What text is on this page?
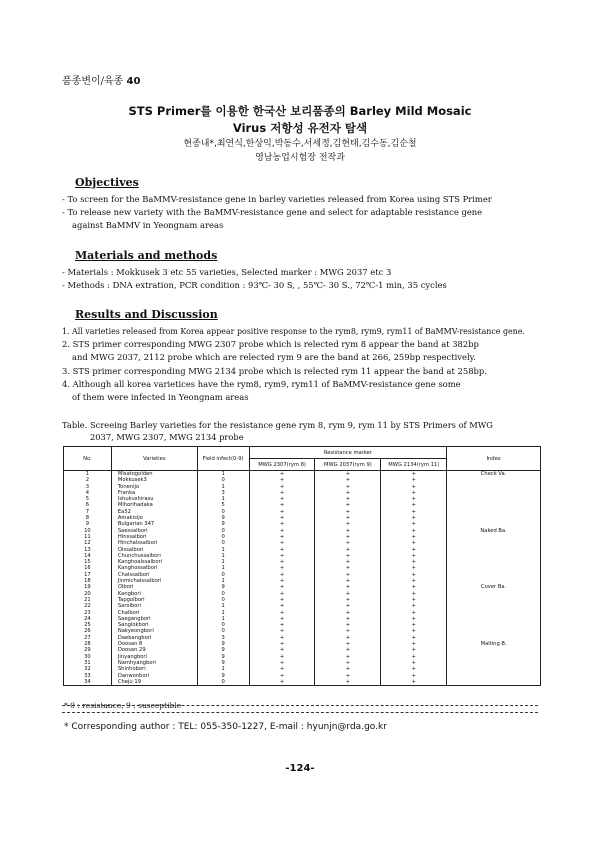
품종변이/육종 40
STS Primer를 이용한 한국산 보리품종의 Barley Mild Mosaic
Virus 저항성 유전자 탐색
현종내*,최연식,한상익,박동수,서세정,김현태,김수동,김순철
영남농업시험장 전작과
Objectives
- To screen for the BaMMV-resistance gene in barley varieties released from Korea using STS Primer
- To release new variety with the BaMMV-resistance gene and select for adaptable resistance gene
against BaMMV in Yeongnam areas
Materials and methods
- Materials : Mokkusek 3 etc 55 varieties, Selected marker : MWG 2037 etc 3
- Methods : DNA extration, PCR condition : 93℃- 30 S, , 55℃- 30 S., 72℃-1 min, 35 cycles
Results and Discussion
1. All varieties released from Korea appear positive response to the rym8, rym9, rym11 of BaMMV-resistance gene.
2. STS primer corresponding MWG 2307 probe which is relected rym 8 appear the band at 382bp
and MWG 2037, 2112 probe which are relected rym 9 are the band at 266, 259bp respectively.
3. STS primer corresponding MWG 2134 probe which is relected rym 11 appear the band at 258bp.
4. Although all korea varietices have the rym8, rym9, rym11 of BaMMV-resistance gene some
of them were infected in Yeongnam areas
Table. Screeing Barley varieties for the resistance gene rym 8, rym 9, rym 11 by STS Primers of MWG
2037, MWG 2307, MWG 2134 probe
No.	Varieties	Field infect(0-9)	Resistance marker			Index
			MWG 2307(rym 8)	MWG 2037(rym 9)	MWG 2134(rym 11)	
1	Misatogolden	1	+	+	+	Check Va.
2	Mokkusek3	0	+	+	+	
3	Tonenijo	1	+	+	+	
4	Franka	3	+	+	+	
5	Ishukushirasu	1	+	+	+	
6	Mihorihadaka	5	+	+	+	
7	Ea52	0	+	+	+	
8	Amakisijo	9	+	+	+	
9	Bulgarian 347	9	+	+	+	
10	Saessalbori	0	+	+	+	Naked Ba.
11	Hinssalbori	0	+	+	+	
12	Hinchalssalbori	0	+	+	+	
13	Olssalbori	1	+	+	+	
14	Chunchussalbori	1	+	+	+	
15	Kanghoalssalbori	1	+	+	+	
16	Kanghossalbori	1	+	+	+	
17	Chalssalbori	0	+	+	+	
18	Jinmichalssalbori	1	+	+	+	
19	Olbori	9	+	+	+	Cover Ba.
20	Kangbori	0	+	+	+	
21	Tapgolbori	0	+	+	+	
22	Sarolbori	1	+	+	+	
23	Chalbori	1	+	+	+	
24	Saegangbori	1	+	+	+	
25	Sanglokbori	0	+	+	+	
26	Nakyeongbori	0	+	+	+	
27	Daebangbori	3	+	+	+	
28	Doosan 8	9	+	+	+	Malting B.
29	Doosan 29	9	+	+	+	
30	Jinyangbori	9	+	+	+	
31	Namhyangbori	9	+	+	+	
32	Shinhobori	1	+	+	+	
33	Danwonbori	9	+	+	+	
34	Cheju 19	0	+	+	+	
* 0 : resistance, 9 : susceptible
* Corresponding author : TEL: 055-350-1227, E-mail : hyunjn@rda.go.kr
-124-
